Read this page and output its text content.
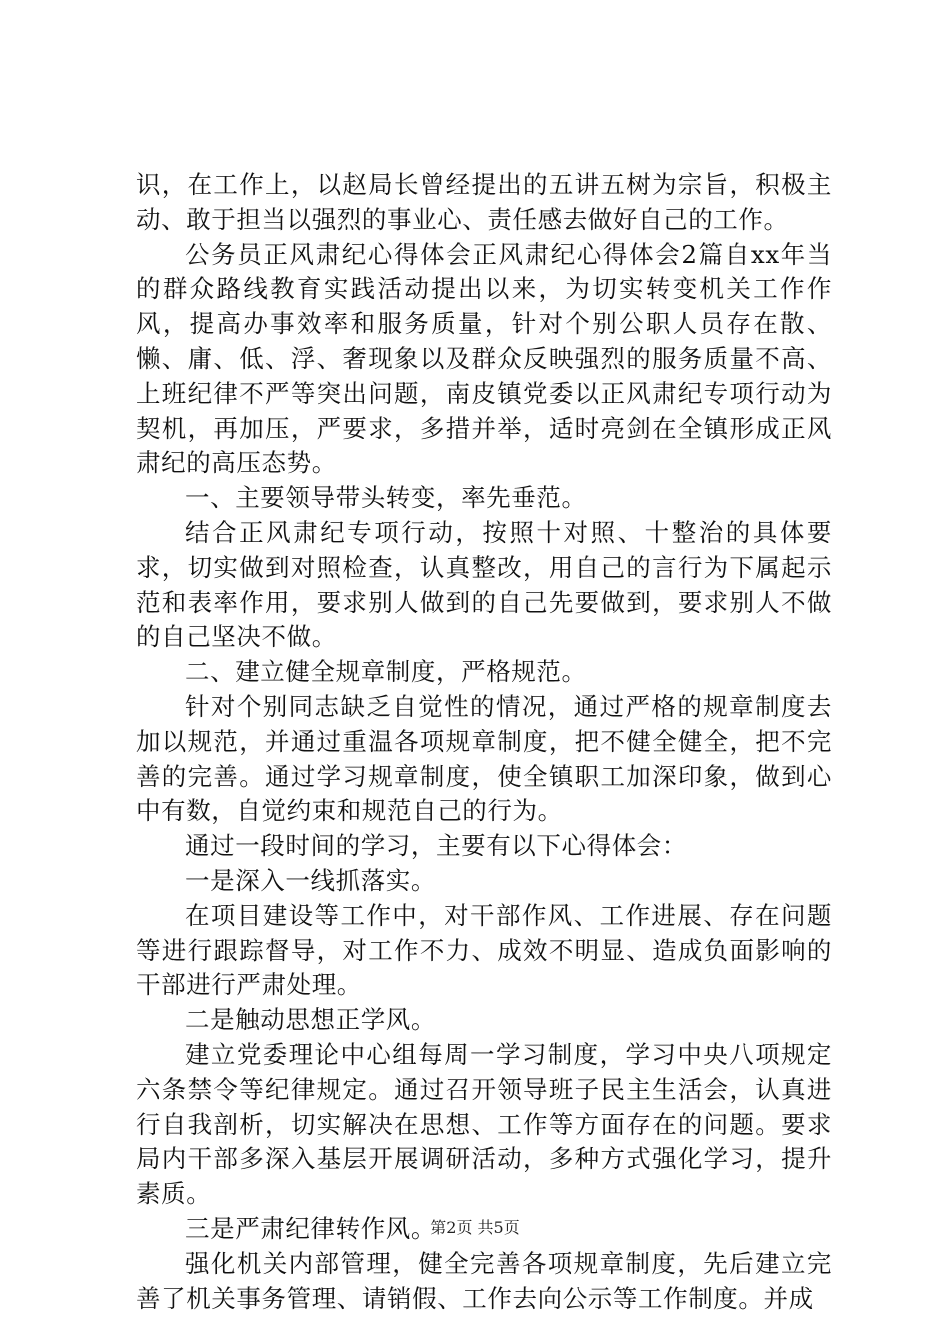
识，在工作上，以赵局长曾经提出的五讲五树为宗旨，积极主动、敢于担当以强烈的事业心、责任感去做好自己的工作。

公务员正风肃纪心得体会正风肃纪心得体会2篇自xx年当的群众路线教育实践活动提出以来，为切实转变机关工作作风，提高办事效率和服务质量，针对个别公职人员存在散、懒、庸、低、浮、奢现象以及群众反映强烈的服务质量不高、上班纪律不严等突出问题，南皮镇党委以正风肃纪专项行动为契机，再加压，严要求，多措并举，适时亮剑在全镇形成正风肃纪的高压态势。

一、主要领导带头转变，率先垂范。

结合正风肃纪专项行动，按照十对照、十整治的具体要求，切实做到对照检查，认真整改，用自己的言行为下属起示范和表率作用，要求别人做到的自己先要做到，要求别人不做的自己坚决不做。

二、建立健全规章制度，严格规范。

针对个别同志缺乏自觉性的情况，通过严格的规章制度去加以规范，并通过重温各项规章制度，把不健全健全，把不完善的完善。通过学习规章制度，使全镇职工加深印象，做到心中有数，自觉约束和规范自己的行为。

通过一段时间的学习，主要有以下心得体会：

一是深入一线抓落实。

在项目建设等工作中，对干部作风、工作进展、存在问题等进行跟踪督导，对工作不力、成效不明显、造成负面影响的干部进行严肃处理。

二是触动思想正学风。

建立党委理论中心组每周一学习制度，学习中央八项规定六条禁令等纪律规定。通过召开领导班子民主生活会，认真进行自我剖析，切实解决在思想、工作等方面存在的问题。要求局内干部多深入基层开展调研活动，多种方式强化学习，提升素质。

三是严肃纪律转作风。

强化机关内部管理，健全完善各项规章制度，先后建立完善了机关事务管理、请销假、工作去向公示等工作制度。并成

第2页 共5页
